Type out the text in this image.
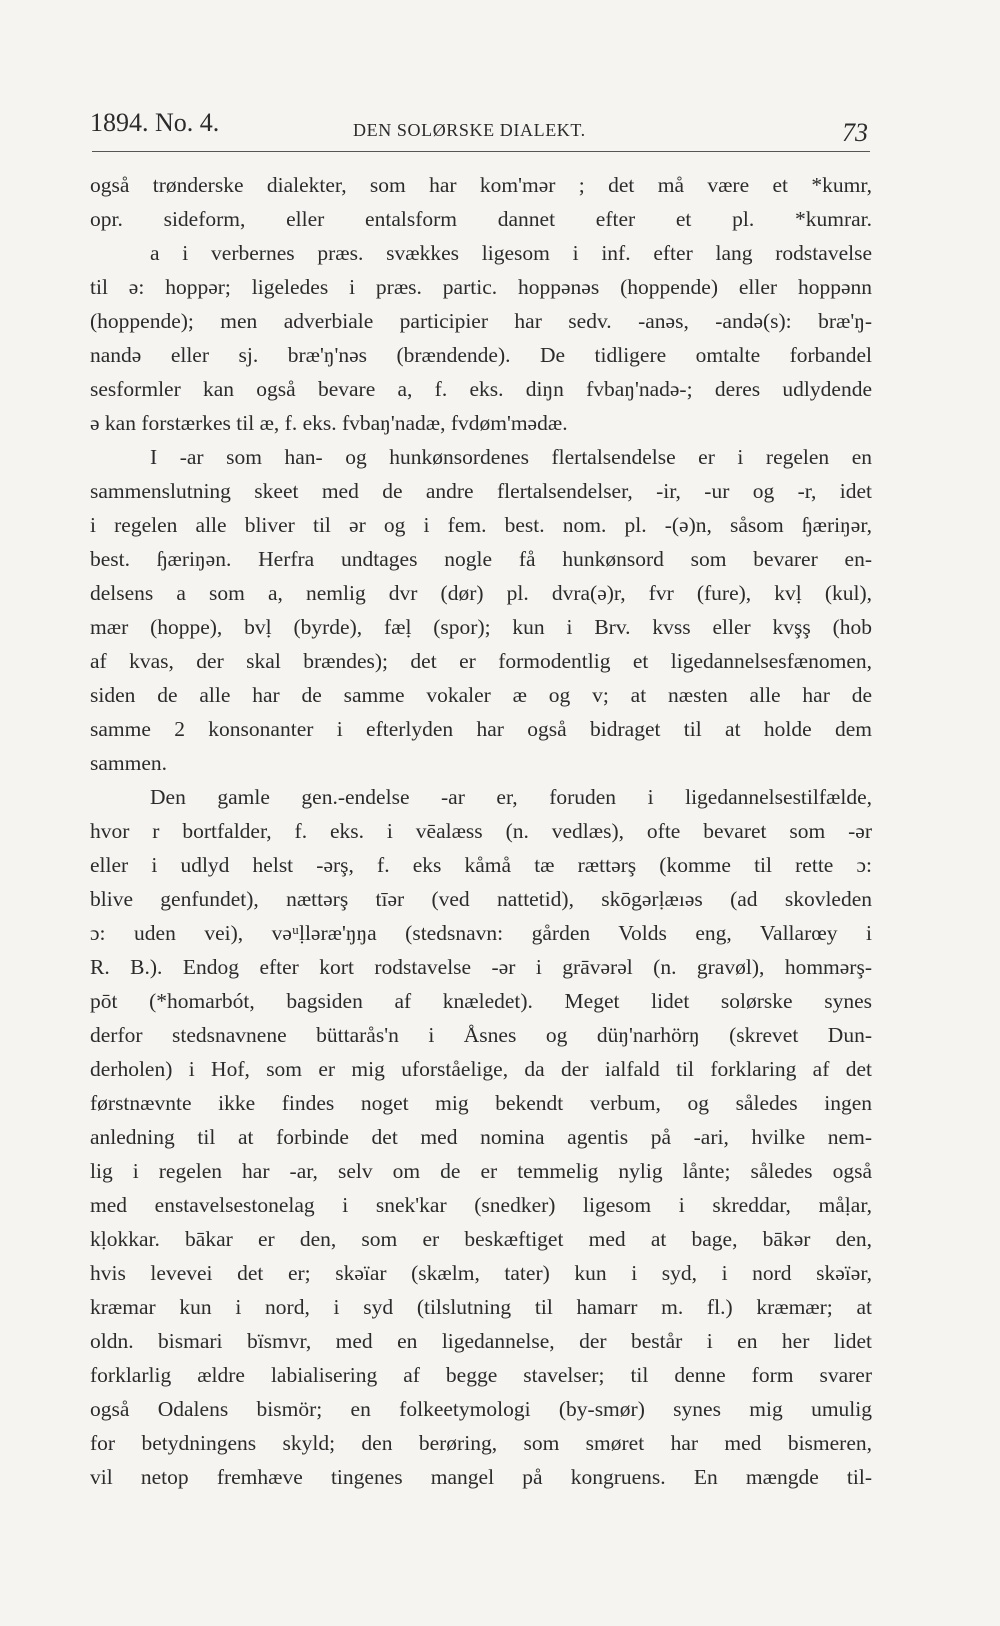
1894. No. 4.	DEN SOLØRSKE DIALEKT.	73
også trønderske dialekter, som har kom'mər ; det må være et *kumr,
opr. sideform, eller entalsform dannet efter et pl. *kumrar.
a i verbernes præs. svækkes ligesom i inf. efter lang rodstavelse
til ə: hoppər; ligeledes i præs. partic. hoppənəs (hoppende) eller hoppənn
(hoppende); men adverbiale participier har sedv. -anəs, -andə(s): bræ'ŋ-
nandə eller sj. bræ'ŋ'nəs (brændende). De tidligere omtalte forbandel
sesformler kan også bevare a, f. eks. diŋn fvbaŋ'nadə-; deres udlydende
ə kan forstærkes til æ, f. eks. fvbaŋ'nadæ, fvdøm'mədæ.
I -ar som han- og hunkønsordenes flertalsendelse er i regelen en
sammenslutning skeet med de andre flertalsendelser, -ir, -ur og -r, idet
i regelen alle bliver til ər og i fem. best. nom. pl. -(ə)n, såsom ɧæriŋər,
best. ɧæriŋən. Herfra undtages nogle få hunkønsord som bevarer en-
delsens a som a, nemlig dvr (dør) pl. dvra(ə)r, fvr (fure), kvḷ (kul),
mær (hoppe), bvḷ (byrde), fæḷ (spor); kun i Brv. kvss eller kvşş (hob
af kvas, der skal brændes); det er formodentlig et ligedannelsesfænomen,
siden de alle har de samme vokaler æ og v; at næsten alle har de
samme 2 konsonanter i efterlyden har også bidraget til at holde dem
sammen.
Den gamle gen.-endelse -ar er, foruden i ligedannelsestilfælde,
hvor r bortfalder, f. eks. i vēalæss (n. vedlæs), ofte bevaret som -ər
eller i udlyd helst -ərş, f. eks kåmå tæ rættərş (komme til rette ɔ:
blive genfundet), nættərş tīər (ved nattetid), skōgərḷæıəs (ad skovleden
ɔ: uden vei), vəᵘḷləræ'ŋŋa (stedsnavn: gården Volds eng, Vallarœy i
R. B.). Endog efter kort rodstavelse -ər i grāvərəl (n. gravøl), hommərş-
pōt (*homarbót, bagsiden af knæledet). Meget lidet solørske synes
derfor stedsnavnene büttarås'n i Åsnes og düŋ'narhörŋ (skrevet Dun-
derholen) i Hof, som er mig uforståelige, da der ialfald til forklaring af det
førstnævnte ikke findes noget mig bekendt verbum, og således ingen
anledning til at forbinde det med nomina agentis på -ari, hvilke nem-
lig i regelen har -ar, selv om de er temmelig nylig lånte; således også
med enstavelsestonelag i snek'kar (snedker) ligesom i skreddar, måḷar,
kḷokkar. bākar er den, som er beskæftiget med at bage, bākər den,
hvis levevei det er; skəïar (skælm, tater) kun i syd, i nord skəïər,
kræmar kun i nord, i syd (tilslutning til hamarr m. fl.) kræmær; at
oldn. bismari bïsmvr, med en ligedannelse, der består i en her lidet
forklarlig ældre labialisering af begge stavelser; til denne form svarer
også Odalens bismör; en folkeetymologi (by-smør) synes mig umulig
for betydningens skyld; den berøring, som smøret har med bismeren,
vil netop fremhæve tingenes mangel på kongruens. En mængde til-
